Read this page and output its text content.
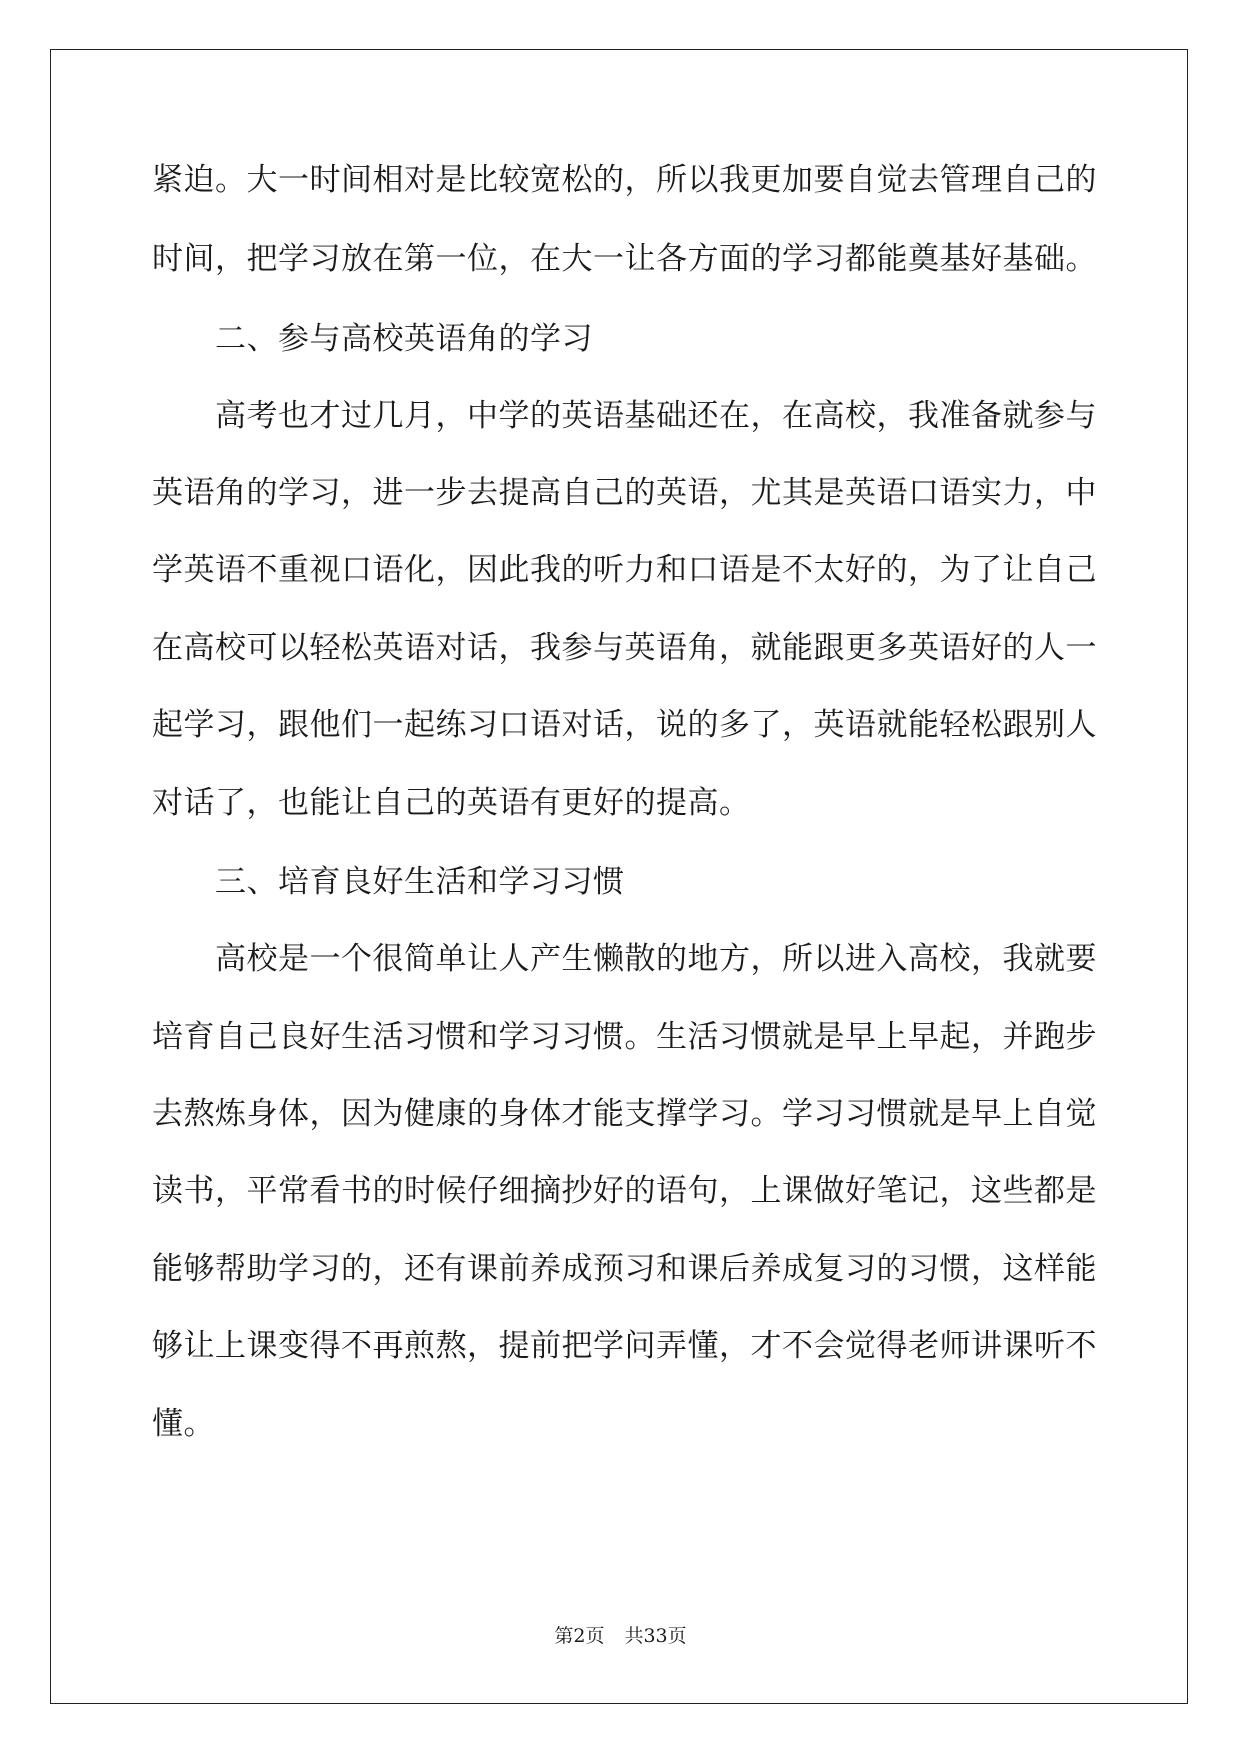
紧迫。大一时间相对是比较宽松的，所以我更加要自觉去管理自己的
时间，把学习放在第一位，在大一让各方面的学习都能奠基好基础。
二、参与高校英语角的学习
高考也才过几月，中学的英语基础还在，在高校，我准备就参与
英语角的学习，进一步去提高自己的英语，尤其是英语口语实力，中
学英语不重视口语化，因此我的听力和口语是不太好的，为了让自己
在高校可以轻松英语对话，我参与英语角，就能跟更多英语好的人一
起学习，跟他们一起练习口语对话，说的多了，英语就能轻松跟别人
对话了，也能让自己的英语有更好的提高。
三、培育良好生活和学习习惯
高校是一个很简单让人产生懒散的地方，所以进入高校，我就要
培育自己良好生活习惯和学习习惯。生活习惯就是早上早起，并跑步
去熬炼身体，因为健康的身体才能支撑学习。学习习惯就是早上自觉
读书，平常看书的时候仔细摘抄好的语句，上课做好笔记，这些都是
能够帮助学习的，还有课前养成预习和课后养成复习的习惯，这样能
够让上课变得不再煎熬，提前把学问弄懂，才不会觉得老师讲课听不
懂。
第2页 共33页
